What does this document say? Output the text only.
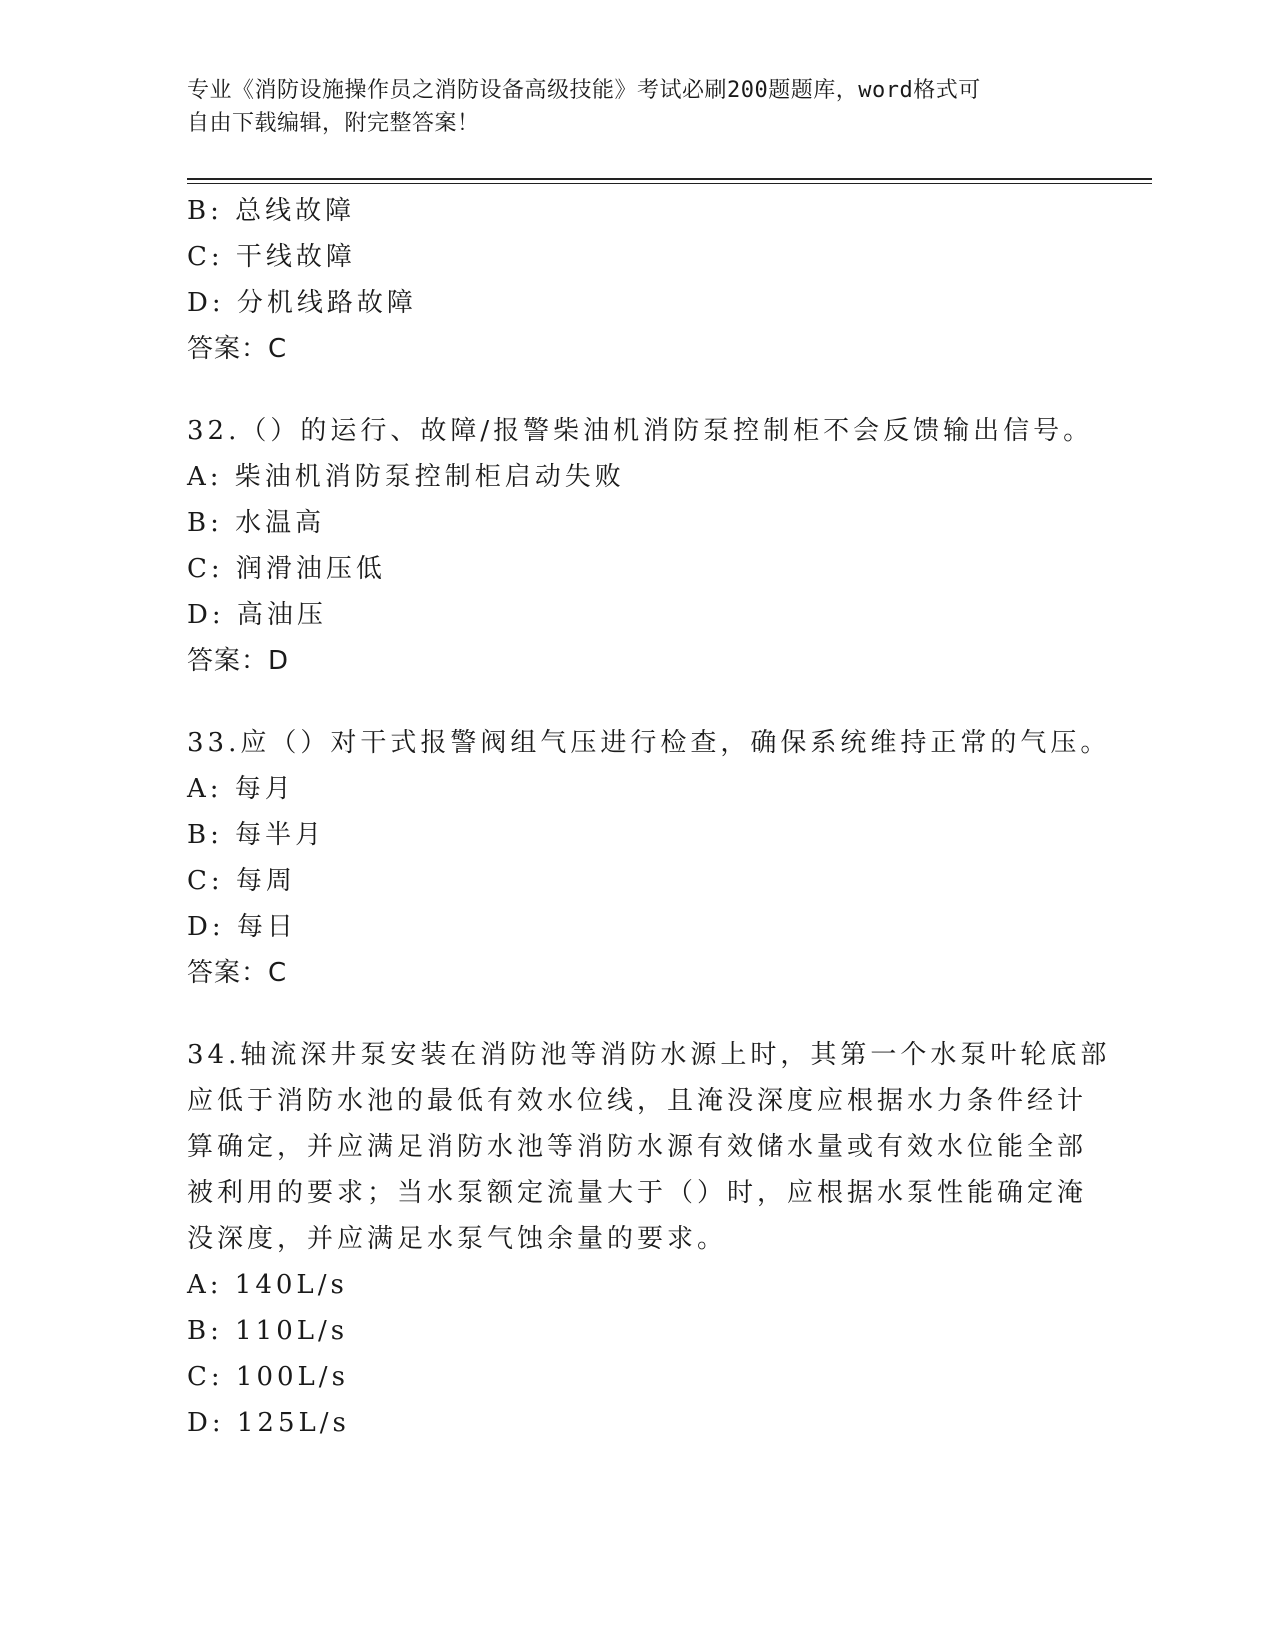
专业《消防设施操作员之消防设备高级技能》考试必刷200题题库，word格式可
自由下载编辑，附完整答案！
B: 总线故障
C: 干线故障
D: 分机线路故障
答案：C
32.（）的运行、故障/报警柴油机消防泵控制柜不会反馈输出信号。
A: 柴油机消防泵控制柜启动失败
B: 水温高
C: 润滑油压低
D: 高油压
答案：D
33.应（）对干式报警阀组气压进行检查，确保系统维持正常的气压。
A: 每月
B: 每半月
C: 每周
D: 每日
答案：C
34.轴流深井泵安装在消防池等消防水源上时，其第一个水泵叶轮底部
应低于消防水池的最低有效水位线，且淹没深度应根据水力条件经计
算确定，并应满足消防水池等消防水源有效储水量或有效水位能全部
被利用的要求；当水泵额定流量大于（）时，应根据水泵性能确定淹
没深度，并应满足水泵气蚀余量的要求。
A: 140L/s
B: 110L/s
C: 100L/s
D: 125L/s
